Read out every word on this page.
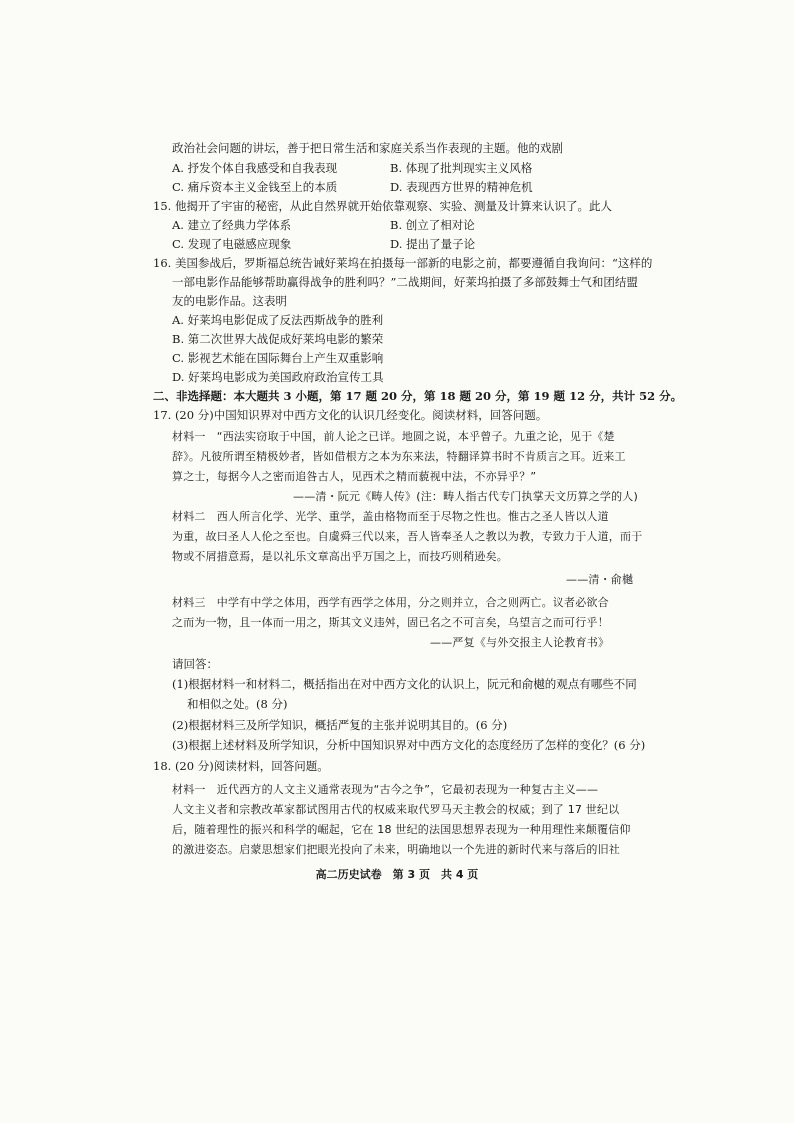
政治社会问题的讲坛，善于把日常生活和家庭关系当作表现的主题。他的戏剧
A. 抒发个体自我感受和自我表现	B. 体现了批判现实主义风格
C. 痛斥资本主义金钱至上的本质	D. 表现西方世界的精神危机
15. 他揭开了宇宙的秘密，从此自然界就开始依靠观察、实验、测量及计算来认识了。此人
A. 建立了经典力学体系	B. 创立了相对论
C. 发现了电磁感应现象	D. 提出了量子论
16. 美国参战后，罗斯福总统告诫好莱坞在拍摄每一部新的电影之前，都要遵循自我询问：“这样的
一部电影作品能够帮助赢得战争的胜利吗？”二战期间，好莱坞拍摄了多部鼓舞士气和团结盟
友的电影作品。这表明
A. 好莱坞电影促成了反法西斯战争的胜利
B. 第二次世界大战促成好莱坞电影的繁荣
C. 影视艺术能在国际舞台上产生双重影响
D. 好莱坞电影成为美国政府政治宣传工具
二、非选择题：本大题共 3 小题，第 17 题 20 分，第 18 题 20 分，第 19 题 12 分，共计 52 分。
17. (20 分)中国知识界对中西方文化的认识几经变化。阅读材料，回答问题。
材料一　“西法实窃取于中国，前人论之已详。地圆之说，本乎曾子。九重之论，见于《楚
辞》。凡彼所谓至精极妙者，皆如借根方之本为东来法，特翻译算书时不肯质言之耳。近来工
算之士，每据今人之密而追咎古人，见西术之精而藐视中法，不亦异乎？”
——清・阮元《畴人传》(注：畴人指古代专门执掌天文历算之学的人)
材料二　西人所言化学、光学、重学，盖由格物而至于尽物之性也。惟古之圣人皆以人道
为重，故曰圣人人伦之至也。自虞舜三代以来，吾人皆奉圣人之教以为教，专致力于人道，而于
物或不屑措意焉，是以礼乐文章高出乎万国之上，而技巧则稍逊矣。
——清・俞樾
材料三　中学有中学之体用，西学有西学之体用，分之则并立，合之则两亡。议者必欲合
之而为一物，且一体而一用之，斯其文义违舛，固已名之不可言矣，乌望言之而可行乎！
——严复《与外交报主人论教育书》
请回答：
(1)根据材料一和材料二，概括指出在对中西方文化的认识上，阮元和俞樾的观点有哪些不同
和相似之处。(8 分)
(2)根据材料三及所学知识，概括严复的主张并说明其目的。(6 分)
(3)根据上述材料及所学知识，分析中国知识界对中西方文化的态度经历了怎样的变化？(6 分)
18. (20 分)阅读材料，回答问题。
材料一　近代西方的人文主义通常表现为“古今之争”，它最初表现为一种复古主义——
人文主义者和宗教改革家都试图用古代的权威来取代罗马天主教会的权威；到了 17 世纪以
后，随着理性的振兴和科学的崛起，它在 18 世纪的法国思想界表现为一种用理性来颠覆信仰
的激进姿态。启蒙思想家们把眼光投向了未来，明确地以一个先进的新时代来与落后的旧社
高二历史试卷　第 3 页　共 4 页
